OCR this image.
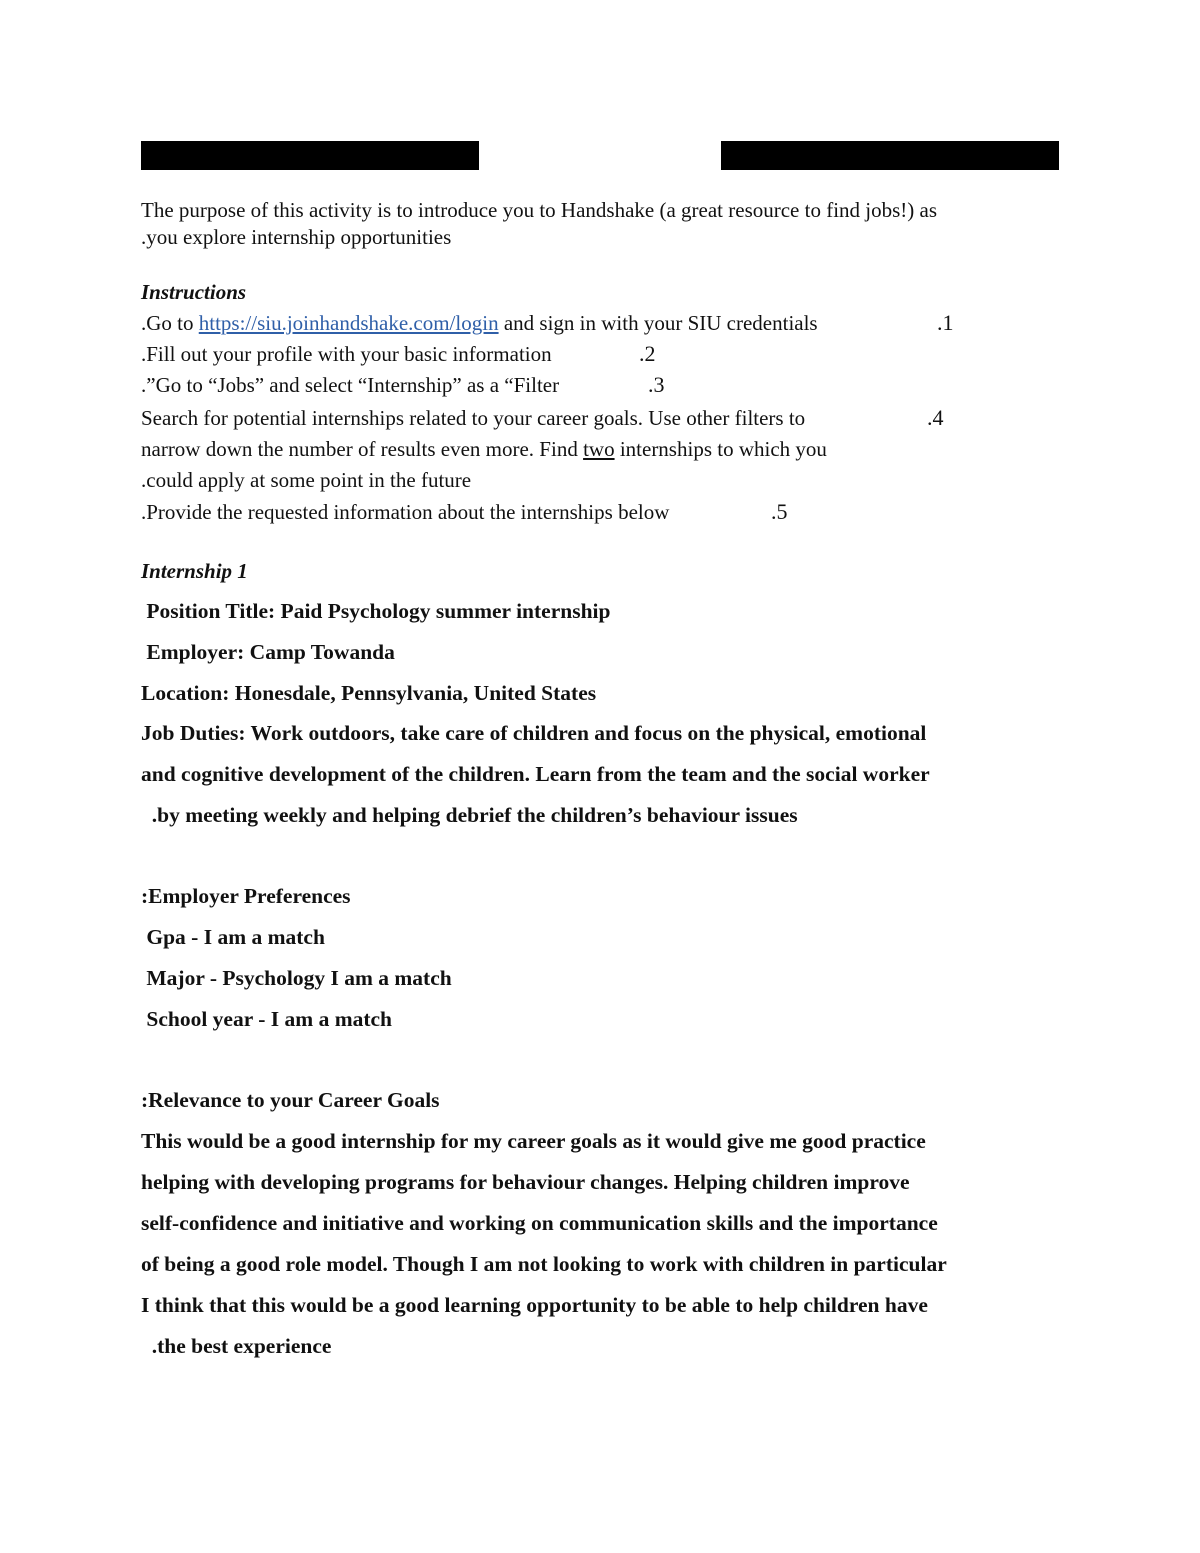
The purpose of this activity is to introduce you to Handshake (a great resource to find jobs!) as
.you explore internship opportunities
Instructions
.Go to https://siu.joinhandshake.com/login and sign in with your SIU credentials	.1
.Fill out your profile with your basic information	.2
.”Go to “Jobs” and select “Internship” as a “Filter	.3
Search for potential internships related to your career goals. Use other filters to	.4
narrow down the number of results even more. Find two internships to which you
.could apply at some point in the future
.Provide the requested information about the internships below	.5
Internship 1
Position Title: Paid Psychology summer internship
Employer: Camp Towanda
Location: Honesdale, Pennsylvania, United States
Job Duties: Work outdoors, take care of children and focus on the physical, emotional
and cognitive development of the children. Learn from the team and the social worker
.by meeting weekly and helping debrief the children’s behaviour issues
:Employer Preferences
Gpa - I am a match
Major - Psychology I am a match
School year - I am a match
:Relevance to your Career Goals
This would be a good internship for my career goals as it would give me good practice
helping with developing programs for behaviour changes. Helping children improve
self-confidence and initiative and working on communication skills and the importance
of being a good role model. Though I am not looking to work with children in particular
I think that this would be a good learning opportunity to be able to help children have
.the best experience
